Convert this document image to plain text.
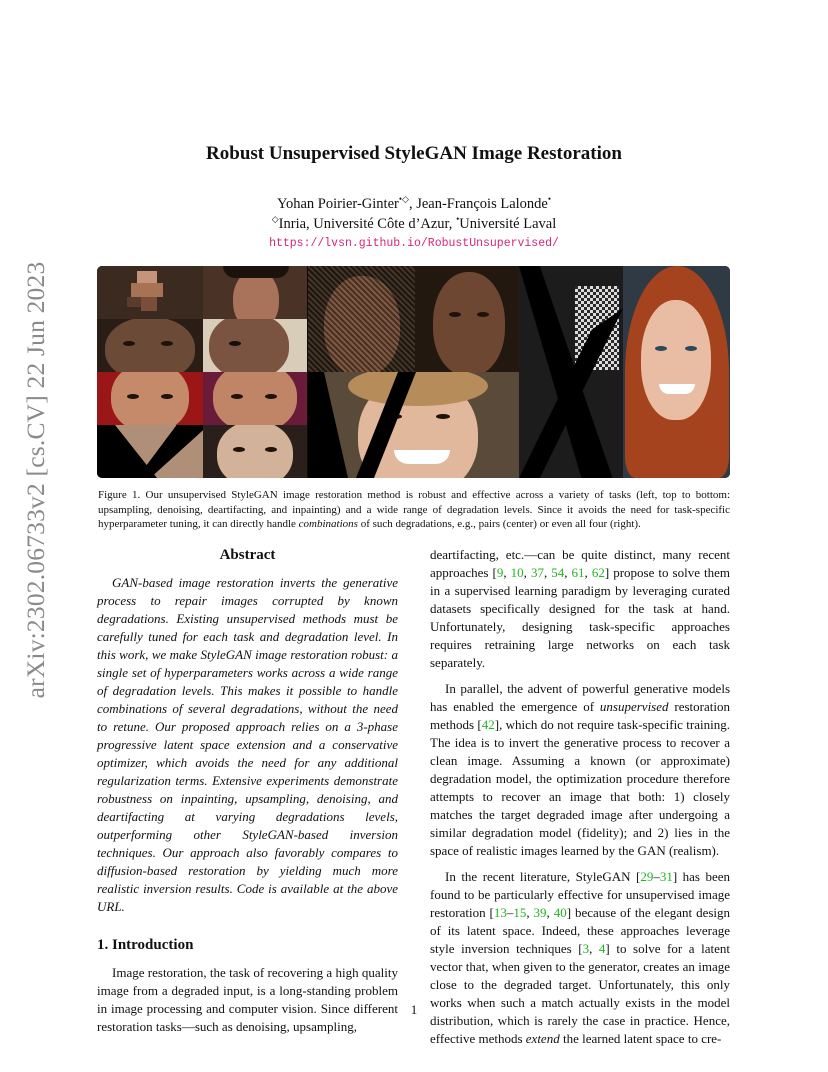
arXiv:2302.06733v2 [cs.CV] 22 Jun 2023
Robust Unsupervised StyleGAN Image Restoration
Yohan Poirier-Ginter•◇, Jean-François Lalonde•
◇Inria, Université Côte d’Azur, •Université Laval
https://lvsn.github.io/RobustUnsupervised/
Figure 1. Our unsupervised StyleGAN image restoration method is robust and effective across a variety of tasks (left, top to bottom: upsampling, denoising, deartifacting, and inpainting) and a wide range of degradation levels. Since it avoids the need for task-specific hyperparameter tuning, it can directly handle combinations of such degradations, e.g., pairs (center) or even all four (right).
Abstract
GAN-based image restoration inverts the generative process to repair images corrupted by known degradations. Existing unsupervised methods must be carefully tuned for each task and degradation level. In this work, we make StyleGAN image restoration robust: a single set of hyperparameters works across a wide range of degradation levels. This makes it possible to handle combinations of several degradations, without the need to retune. Our proposed approach relies on a 3-phase progressive latent space extension and a conservative optimizer, which avoids the need for any additional regularization terms. Extensive experiments demonstrate robustness on inpainting, upsampling, denoising, and deartifacting at varying degradations levels, outperforming other StyleGAN-based inversion techniques. Our approach also favorably compares to diffusion-based restoration by yielding much more realistic inversion results. Code is available at the above URL.
1. Introduction
Image restoration, the task of recovering a high quality image from a degraded input, is a long-standing problem in image processing and computer vision. Since different restoration tasks—such as denoising, upsampling,
deartifacting, etc.—can be quite distinct, many recent approaches [9, 10, 37, 54, 61, 62] propose to solve them in a supervised learning paradigm by leveraging curated datasets specifically designed for the task at hand. Unfortunately, designing task-specific approaches requires retraining large networks on each task separately.
In parallel, the advent of powerful generative models has enabled the emergence of unsupervised restoration methods [42], which do not require task-specific training. The idea is to invert the generative process to recover a clean image. Assuming a known (or approximate) degradation model, the optimization procedure therefore attempts to recover an image that both: 1) closely matches the target degraded image after undergoing a similar degradation model (fidelity); and 2) lies in the space of realistic images learned by the GAN (realism).
In the recent literature, StyleGAN [29–31] has been found to be particularly effective for unsupervised image restoration [13–15, 39, 40] because of the elegant design of its latent space. Indeed, these approaches leverage style inversion techniques [3, 4] to solve for a latent vector that, when given to the generator, creates an image close to the degraded target. Unfortunately, this only works when such a match actually exists in the model distribution, which is rarely the case in practice. Hence, effective methods extend the learned latent space to cre-
1
